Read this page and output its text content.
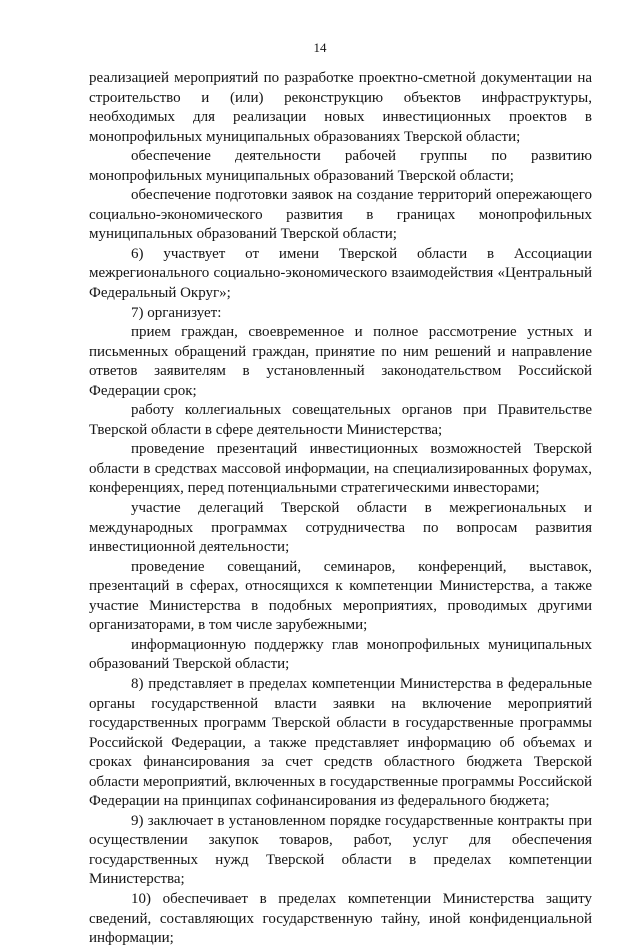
14

реализацией мероприятий по разработке проектно-сметной документации на строительство и (или) реконструкцию объектов инфраструктуры, необходимых для реализации новых инвестиционных проектов в монопрофильных муниципальных образованиях Тверской области;

обеспечение деятельности рабочей группы по развитию монопрофильных муниципальных образований Тверской области;

обеспечение подготовки заявок на создание территорий опережающего социально-экономического развития в границах монопрофильных муниципальных образований Тверской области;

6) участвует от имени Тверской области в Ассоциации межрегионального социально-экономического взаимодействия «Центральный Федеральный Округ»;

7) организует:

прием граждан, своевременное и полное рассмотрение устных и письменных обращений граждан, принятие по ним решений и направление ответов заявителям в установленный законодательством Российской Федерации срок;

работу коллегиальных совещательных органов при Правительстве Тверской области в сфере деятельности Министерства;

проведение презентаций инвестиционных возможностей Тверской области в средствах массовой информации, на специализированных форумах, конференциях, перед потенциальными стратегическими инвесторами;

участие делегаций Тверской области в межрегиональных и международных программах сотрудничества по вопросам развития инвестиционной деятельности;

проведение совещаний, семинаров, конференций, выставок, презентаций в сферах, относящихся к компетенции Министерства, а также участие Министерства в подобных мероприятиях, проводимых другими организаторами, в том числе зарубежными;

информационную поддержку глав монопрофильных муниципальных образований Тверской области;

8) представляет в пределах компетенции Министерства в федеральные органы государственной власти заявки на включение мероприятий государственных программ Тверской области в государственные программы Российской Федерации, а также представляет информацию об объемах и сроках финансирования за счет средств областного бюджета Тверской области мероприятий, включенных в государственные программы Российской Федерации на принципах софинансирования из федерального бюджета;

9) заключает в установленном порядке государственные контракты при осуществлении закупок товаров, работ, услуг для обеспечения государственных нужд Тверской области в пределах компетенции Министерства;

10) обеспечивает в пределах компетенции Министерства защиту сведений, составляющих государственную тайну, иной конфиденциальной информации;
